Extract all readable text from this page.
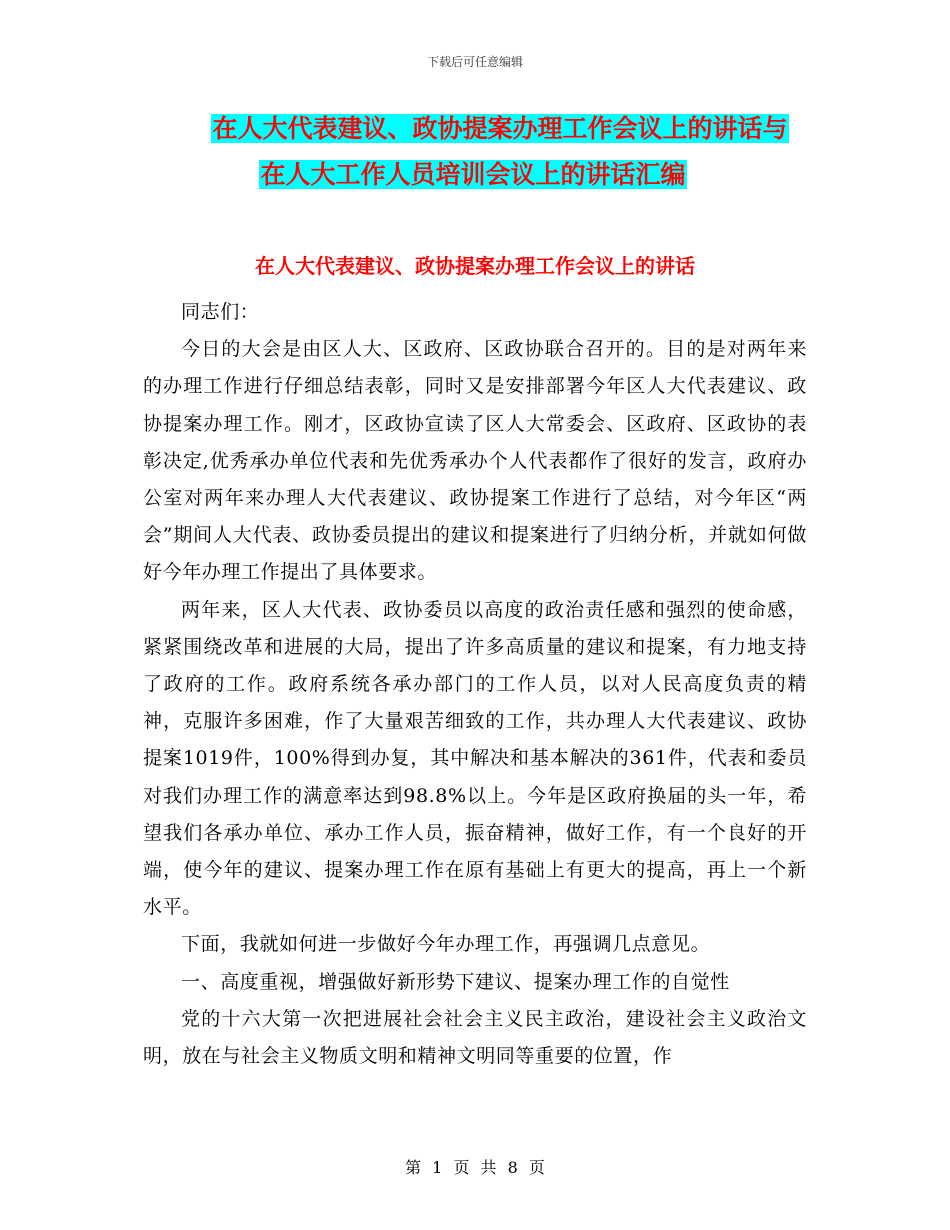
下载后可任意编辑
在人大代表建议、政协提案办理工作会议上的讲话与
在人大工作人员培训会议上的讲话汇编
在人大代表建议、政协提案办理工作会议上的讲话

同志们：

今日的大会是由区人大、区政府、区政协联合召开的。目的是对两年来的办理工作进行仔细总结表彰，同时又是安排部署今年区人大代表建议、政协提案办理工作。刚才，区政协宣读了区人大常委会、区政府、区政协的表彰决定,优秀承办单位代表和先优秀承办个人代表都作了很好的发言，政府办公室对两年来办理人大代表建议、政协提案工作进行了总结，对今年区“两会”期间人大代表、政协委员提出的建议和提案进行了归纳分析，并就如何做好今年办理工作提出了具体要求。

两年来，区人大代表、政协委员以高度的政治责任感和强烈的使命感，紧紧围绕改革和进展的大局，提出了许多高质量的建议和提案，有力地支持了政府的工作。政府系统各承办部门的工作人员，以对人民高度负责的精神，克服许多困难，作了大量艰苦细致的工作，共办理人大代表建议、政协提案1019件，100%得到办复，其中解决和基本解决的361件，代表和委员对我们办理工作的满意率达到98.8%以上。今年是区政府换届的头一年，希望我们各承办单位、承办工作人员，振奋精神，做好工作，有一个良好的开端，使今年的建议、提案办理工作在原有基础上有更大的提高，再上一个新水平。

下面，我就如何进一步做好今年办理工作，再强调几点意见。

一、高度重视，增强做好新形势下建议、提案办理工作的自觉性

党的十六大第一次把进展社会社会主义民主政治，建设社会主义政治文明，放在与社会主义物质文明和精神文明同等重要的位置，作

第 1 页 共 8 页
